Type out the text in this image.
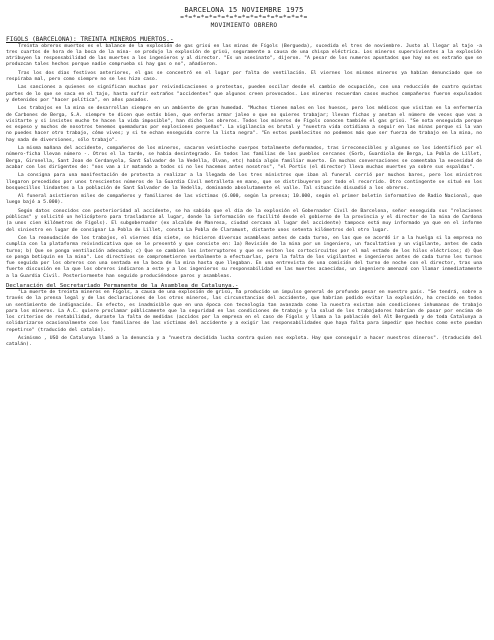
BARCELONA 15 NOVIEMBRE 1975
=*=*=*=*=*=*=*=*=*=*=*=*=*=*=*=
MOVIMIENTO OBRERO
FIGOLS (BARCELONA): TREINTA MINEROS MUERTOS.-

Treinta obreros muertos es el balance de la explosión de gas grisú en las minas de Fígols (Bergueda), sucedida el tres de noviembre. Justo al llegar al tajo -a tres cuartos de hora de la boca de la mina- se produjo la explosión de grisú, seguramente a causa de una chispa eléctrica. Los mineros supervivientes a la explosión atribuyen la responsabilidad de las muertes a los ingenieros y al director. "Es un asesinato", dijeron. "A pesar de los numeros apuntados que hay no es extraño que se produzcan tales hechos porque nadie comprueba si hay gas o no", añadieron.

Tras los dos días festivos anteriores, el gas se concentró en el lugar por falta de ventilación. El viernes los mismos mineros ya habían denunciado que se respiraba mal, pero como siempre no se les hizo caso.

Las sanciones a quienes se significan muchas por reivindicaciones o protestas, pueden oscilar desde el cambio de ocupación, con una reducción de cuatro quintas partes de lo que se saca en el tajo, hasta sufrir extraños "accidentes" que algunos creen provocados. Los mineros recuerdan casos muchos compañeros fueron expulsados y detenidos por "hacer política", en años pasados.

Los trabajos en la mina se desarrollan siempre en un ambiente de gran humedad. "Muchos tienen males en los huesos, pero los médicos que visitan en la enfermería de Carbones de Berga, S.A. siempre te dicen que estás bien, que enferas armar jaleo o que no quieres trabajar; llevan fichas y anotan el número de veces que vas a visitarte y si insistes mucho te hacen la vida imposible", han dicho los obreros. Todos los mineros de Fígols conocen también el gas grisú. "Se nota enseguida porque es espeso y muchos de nosotros tenemos quemaduras por explosiones pequeñas". La vigilancia es brutal y "nuestra vida cotidiana a seguir en las minas porque si la van no puedes hacer otro trabajo, cómo vives; y si te echan enseguida corre la lista negra". "En estos pueblecitos no podemos más que ser fuerza de trabajo en la mina, no hay nada de diversiones, sólo trabajo".

La misma mañana del accidente, compañeros de los mineros, sacaron veintiocho cuerpos totalmente deformados, tras irreconocibles y algunos se los identificó por el número-ficha llevan número -. Otros el la tarde, se había desintegrado. En todos las familias de los pueblos cercanos (Sorb, Guardiola de Berga, La Pobla de Lillet, Berga, Gironella, Sant Joan de Cerdanyola, Sant Salvador de la Vedella, Olvan, etc) había algún familiar muerto. En muchas conversaciones se comentaba la necesidad de acabar con los dirigentes de: "nos van a ir matando a todos si no les hacemos antes nosotros", "el Portis (el director) lleva muchas muertes ya sobre sus espaldas".

La consigna para una manifestación de protesta a realizar a la llegada de los tres ministros que iban al funeral corrió por muchos bares, pero los ministros llegaron precedidos por unos trescientos números de la Guardia Civil metralleta en mano, que se distribuyeron por todo el recorrido. Otro contingente se situó en los bosquecillos lindantes a la población de Sant Salvador de la Vedella, dominando absolutamente el valle. Tal situación disuadió a los obreros.

Al funeral asistieron miles de compañeros y familiares de las víctimas (6.000, según la prensa; 10.000, según el primer boletín informativo de Radio Nacional, que luego bajó a 5.000).

Según datos conocidos con posterioridad al accidente, se ha sabido que el día de la explosión el Gobernador Civil de Barcelona, señor enseguida sus "relaciones públicas" y solicitó un helicóptero para trasladarse al lugar, donde la información se facilitó desde el gobierno de la provincia y el director de la mina de Cardona (a unos cien kilómetros de Fígols). El subgobernador (ex alcalde de Manresa, ciudad cercana al lugar del accidente) tampoco está muy informado ya que en el informe del siniestro en lugar de consignar La Pobla de Lillet, consta La Pobla de Claramunt, distante unos setenta kilómetros del otro lugar.

Con la reanudación de los trabajos, el viernes día siete, se hicieron diversas asambleas antes de cada turno, en las que se acordó ir a la huelga si la empresa no cumplía con la plataforma reivindicativa que se le presentó y que consiste en: 1a) Revisión de la mina por un ingeniero, un facultativo y un vigilante, antes de cada turno; b) Que se ponga ventilación adecuada; c) Que se cambien los interruptores y que se eviten los cortocircuitos por el mal estado de los hilos eléctricos; d) Que se ponga botiquín en la mina". Los directivos se comprometieron verbalmente a efectuarlas, pero la falta de los vigilantes e ingenieros antes de cada turno les turnos fue seguida por los obreros con una sentada en la boca de la mina hasta que llegaban. En una entrevista de una comisión del turno de noche con el director, tras una fuerte discusión en la que los obreros indicaron a este y a los ingenieros su responsabilidad en las muertes acaecidas, un ingeniero amenazó con llamar inmediatamente a la Guardia Civil. Posteriormente han seguido produciéndose paros y asambleas.

Declaración del Secretariado Permanente de la Asamblea de Catalunya.-

"La muerte de treinta mineros en Fígols, a causa de una explosión de grisú, ha producido un impulso general de profundo pesar en nuestro país. "Se tendrá, sobre a través de la prensa legal y de las declaraciones de los otros mineros, las circunstancias del accidente, que habrían podido evitar la explosión, ha crecido en todos un sentimiento de indignación. En efecto, es inadmisible que en una época con tecnología tan avanzada como la nuestra existan aún condiciones inhumanas de trabajo para los mineros. La A.C. quiere proclamar públicamente que la seguridad en las condiciones de trabajo y la salud de los trabajadores habrían de pasar por encima de los criterios de rentabilidad, durante la falta de medidas (accidos por la empresa en el caso de Fígols y llama a la población del Alt Berguedà y de toda Catalunya a solidarizarse ocasionalmente con los familiares de las víctimas del accidente y a exigir las responsabilidades que haya falta para impedir que hechos como este puedan repetirse" (traducido del catalán).

Asimismo , USO de Catalunya llamó a la denuncia y a "nuestra decidida lucha contra quien nos explota. Hay que conseguir a hacer nuestros dineros". (traducido del catalán).
